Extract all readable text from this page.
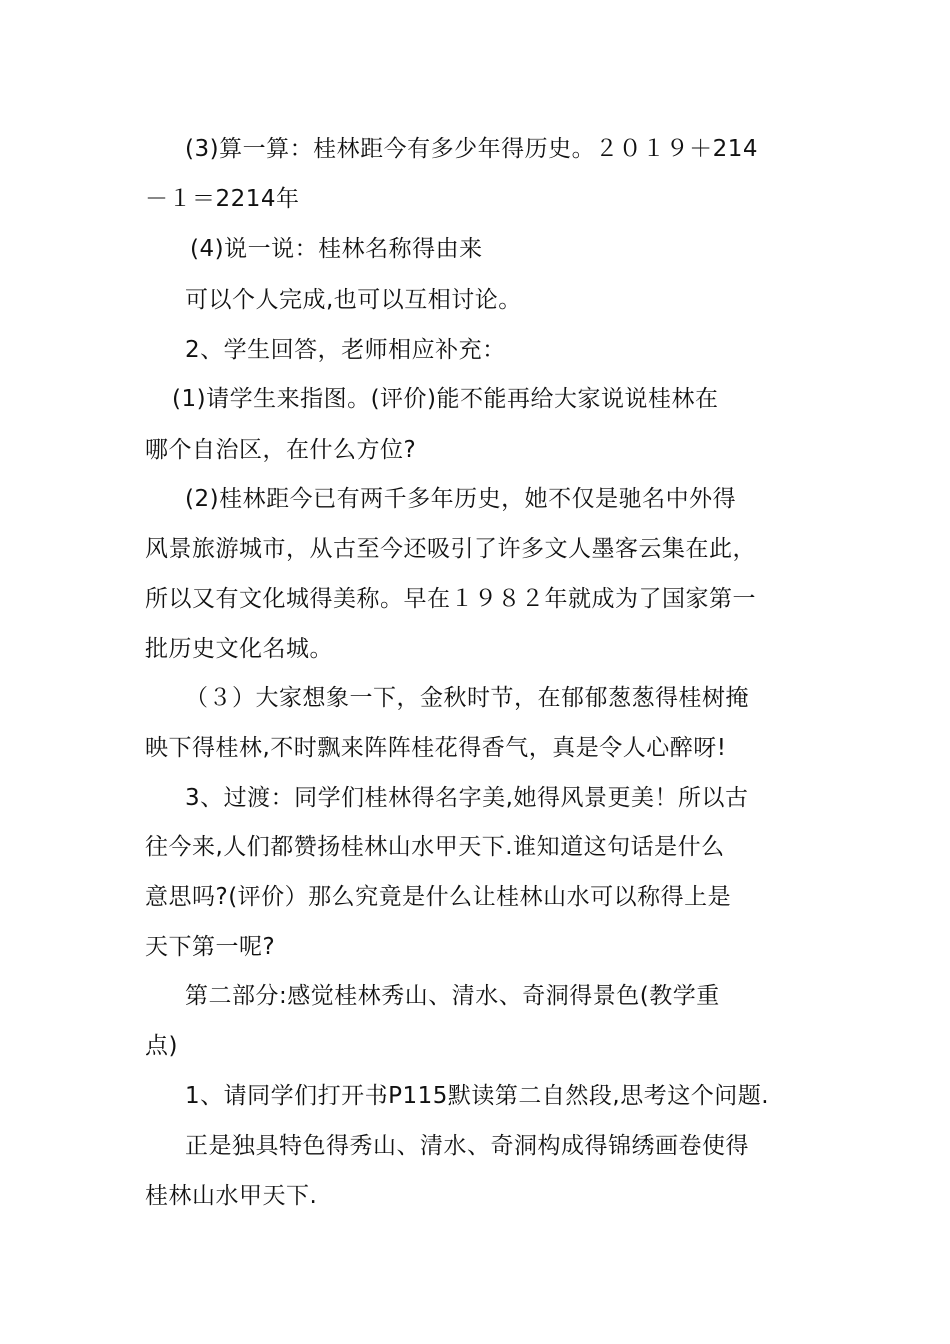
(3)算一算：桂林距今有多少年得历史。２０１９＋214
－１＝2214年
(4)说一说：桂林名称得由来
可以个人完成,也可以互相讨论。
2、学生回答，老师相应补充：
(1)请学生来指图。(评价)能不能再给大家说说桂林在
哪个自治区，在什么方位?
(2)桂林距今已有两千多年历史，她不仅是驰名中外得
风景旅游城市，从古至今还吸引了许多文人墨客云集在此，
所以又有文化城得美称。早在１９８２年就成为了国家第一
批历史文化名城。
（３）大家想象一下，金秋时节，在郁郁葱葱得桂树掩
映下得桂林,不时飘来阵阵桂花得香气，真是令人心醉呀!
3、过渡：同学们桂林得名字美,她得风景更美！所以古
往今来,人们都赞扬桂林山水甲天下.谁知道这句话是什么
意思吗?(评价）那么究竟是什么让桂林山水可以称得上是
天下第一呢?
第二部分:感觉桂林秀山、清水、奇洞得景色(教学重
点)
1、请同学们打开书P115默读第二自然段,思考这个问题.
正是独具特色得秀山、清水、奇洞构成得锦绣画卷使得
桂林山水甲天下.
